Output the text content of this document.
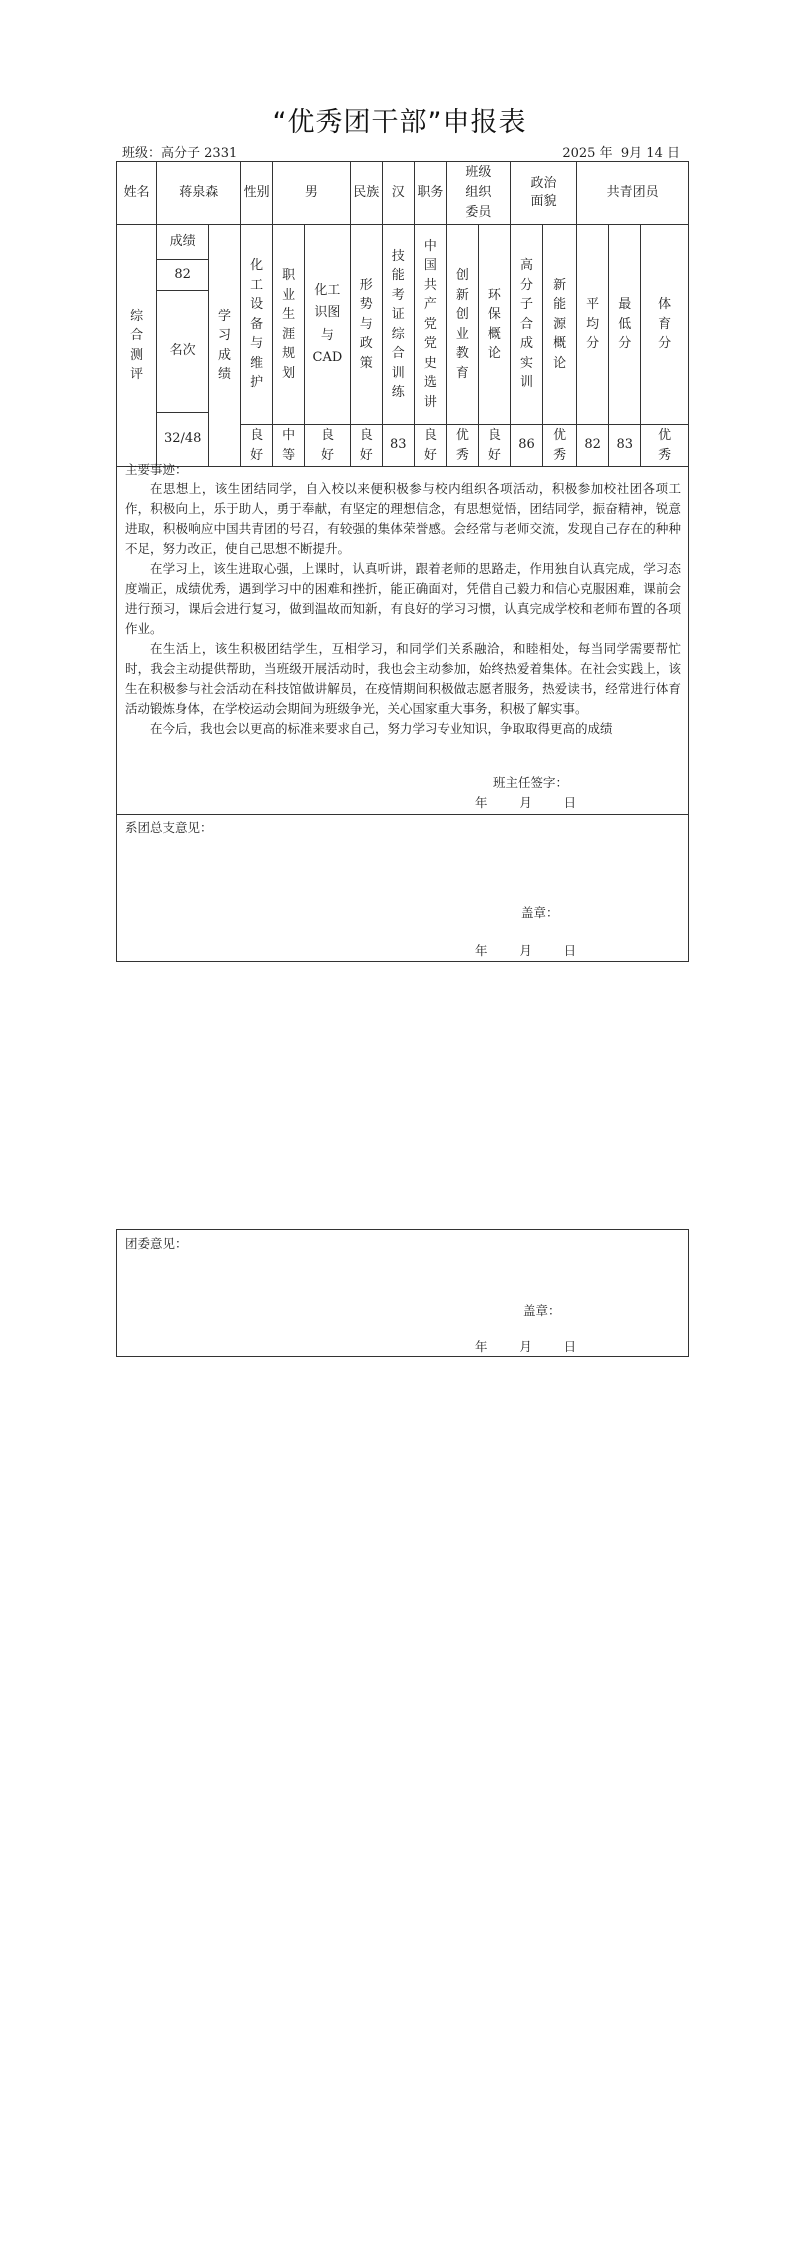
“优秀团干部”申报表
班级：高分子 2331	2025 年 9月 14 日
姓名	蒋泉森		性别	男		民族	汉	职务	班级组织委员		政治面貌		共青团员		
综合测评	成绩	学习成绩	化工设备与维护	职业生涯规划	化工识图与CAD	形势与政策	技能考证综合训练	中国共产党党史选讲	创新创业教育	环保概论	高分子合成实训	新能源概论	平均分	最低分	体育分
	82														
	名次														
	32/48														
			良好	中等	良好	良好	83	良好	优秀	良好	86	优秀	82	83	优秀
主要事迹：

在思想上，该生团结同学，自入校以来便积极参与校内组织各项活动，积极参加校社团各项工作，积极向上，乐于助人，勇于奉献，有坚定的理想信念，有思想觉悟，团结同学，振奋精神，锐意进取，积极响应中国共青团的号召，有较强的集体荣誉感。会经常与老师交流，发现自己存在的种种不足，努力改正，使自己思想不断提升。

在学习上，该生进取心强，上课时，认真听讲，跟着老师的思路走，作用独自认真完成，学习态度端正，成绩优秀，遇到学习中的困难和挫折，能正确面对，凭借自己毅力和信心克服困难，课前会进行预习，课后会进行复习，做到温故而知新，有良好的学习习惯，认真完成学校和老师布置的各项作业。

在生活上，该生积极团结学生，互相学习，和同学们关系融洽，和睦相处，每当同学需要帮忙时，我会主动提供帮助，当班级开展活动时，我也会主动参加，始终热爱着集体。在社会实践上，该生在积极参与社会活动在科技馆做讲解员，在疫情期间积极做志愿者服务，热爱读书，经常进行体育活动锻炼身体，在学校运动会期间为班级争光，关心国家重大事务，积极了解实事。

在今后，我也会以更高的标准来要求自己，努力学习专业知识，争取取得更高的成绩

班主任签字：
年	月	日
系团总支意见：
盖章：
年	月	日
团委意见：
盖章：
年	月	日
